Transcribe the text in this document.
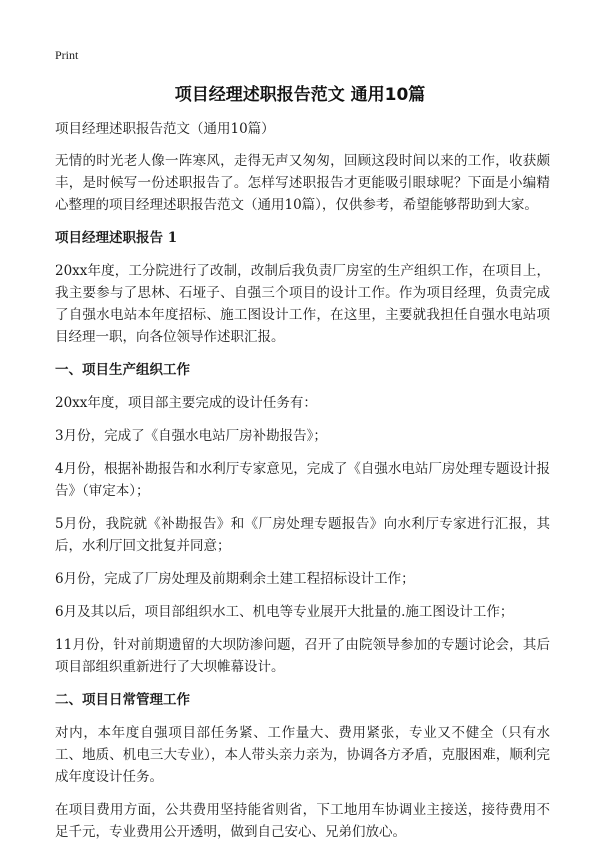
Print
项目经理述职报告范文 通用10篇

项目经理述职报告范文（通用10篇）

无情的时光老人像一阵寒风，走得无声又匆匆，回顾这段时间以来的工作，收获颇丰，是时候写一份述职报告了。怎样写述职报告才更能吸引眼球呢？下面是小编精心整理的项目经理述职报告范文（通用10篇），仅供参考，希望能够帮助到大家。

项目经理述职报告 1

20xx年度，工分院进行了改制，改制后我负责厂房室的生产组织工作，在项目上，我主要参与了思林、石垭子、自强三个项目的设计工作。作为项目经理，负责完成了自强水电站本年度招标、施工图设计工作，在这里，主要就我担任自强水电站项目经理一职，向各位领导作述职汇报。

一、项目生产组织工作

20xx年度，项目部主要完成的设计任务有：

3月份，完成了《自强水电站厂房补勘报告》；

4月份，根据补勘报告和水利厅专家意见，完成了《自强水电站厂房处理专题设计报告》（审定本）；

5月份，我院就《补勘报告》和《厂房处理专题报告》向水利厅专家进行汇报，其后，水利厅回文批复并同意；

6月份，完成了厂房处理及前期剩余土建工程招标设计工作；

6月及其以后，项目部组织水工、机电等专业展开大批量的.施工图设计工作；

11月份，针对前期遗留的大坝防渗问题，召开了由院领导参加的专题讨论会，其后项目部组织重新进行了大坝帷幕设计。

二、项目日常管理工作

对内，本年度自强项目部任务紧、工作量大、费用紧张，专业又不健全（只有水工、地质、机电三大专业），本人带头亲力亲为，协调各方矛盾，克服困难，顺利完成年度设计任务。

在项目费用方面，公共费用坚持能省则省，下工地用车协调业主接送，接待费用不足千元，专业费用公开透明，做到自己安心、兄弟们放心。
